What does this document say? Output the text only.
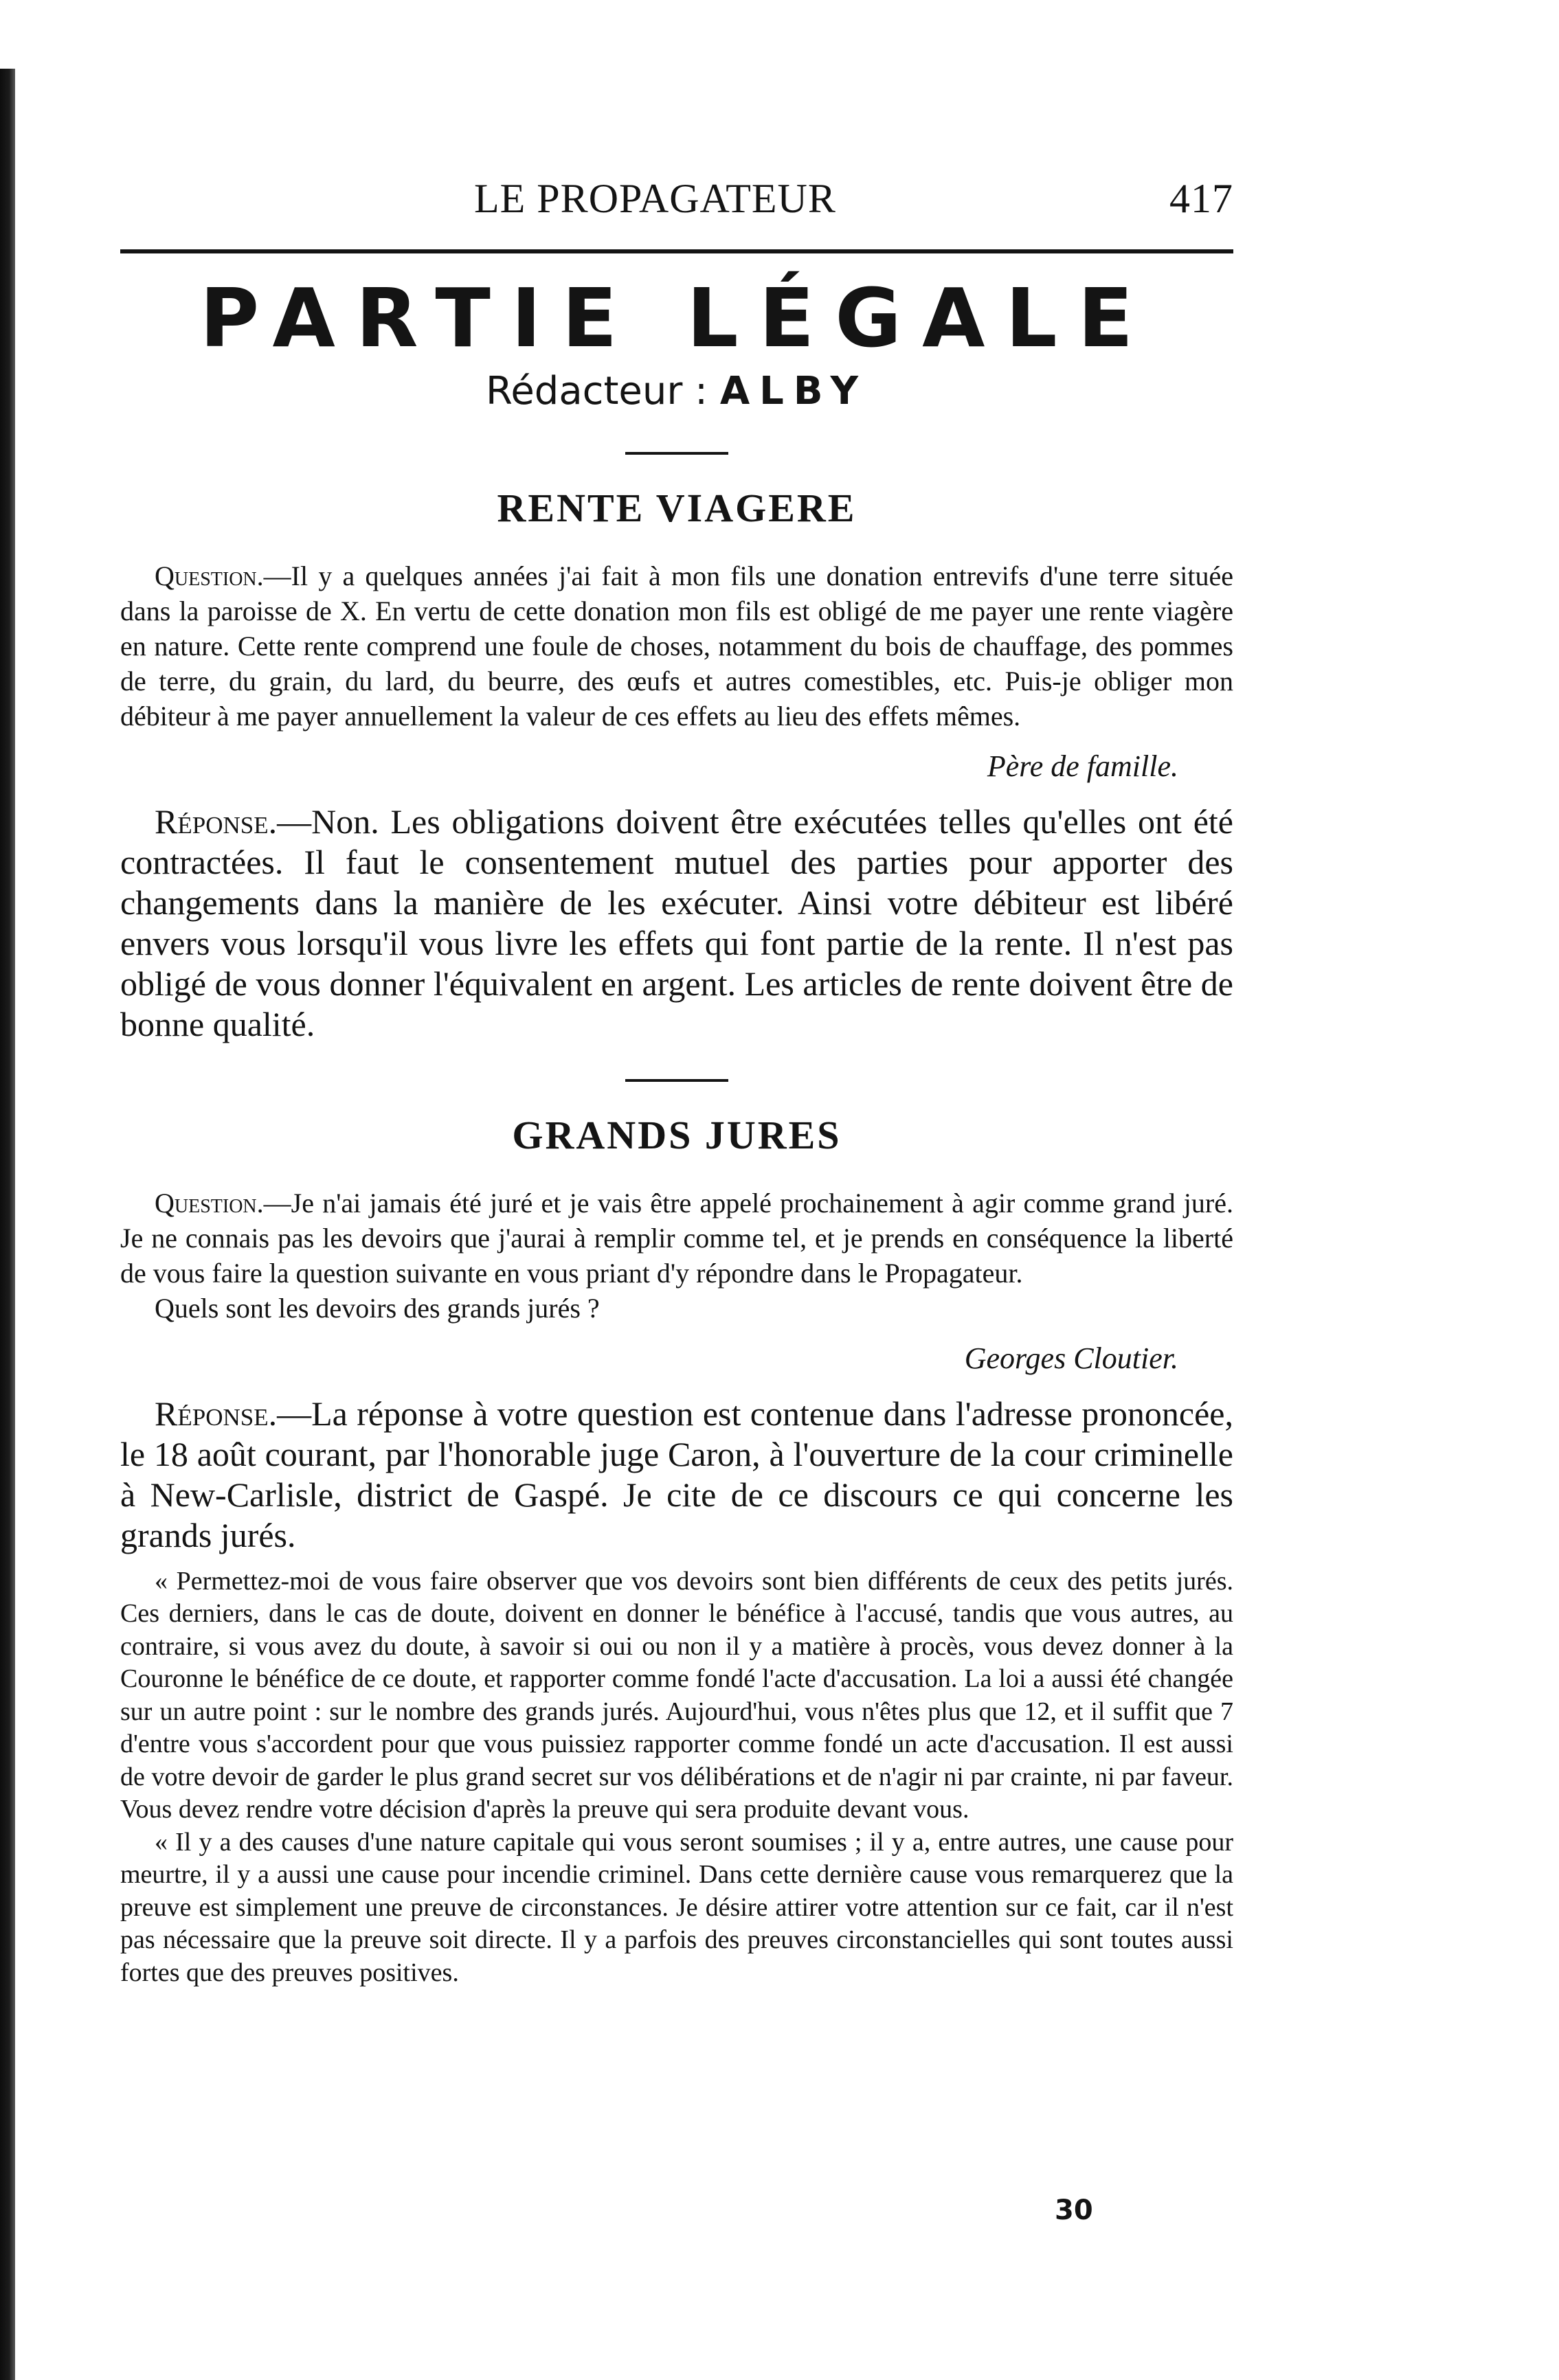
LE PROPAGATEUR	417
PARTIE LÉGALE
Rédacteur : ALBY
RENTE VIAGERE

Question.—Il y a quelques années j'ai fait à mon fils une donation entrevifs d'une terre située dans la paroisse de X. En vertu de cette donation mon fils est obligé de me payer une rente viagère en nature. Cette rente comprend une foule de choses, notamment du bois de chauffage, des pommes de terre, du grain, du lard, du beurre, des œufs et autres comestibles, etc. Puis-je obliger mon débiteur à me payer annuellement la valeur de ces effets au lieu des effets mêmes.

Père de famille.

Réponse.—Non. Les obligations doivent être exécutées telles qu'elles ont été contractées. Il faut le consentement mutuel des parties pour apporter des changements dans la manière de les exécuter. Ainsi votre débiteur est libéré envers vous lorsqu'il vous livre les effets qui font partie de la rente. Il n'est pas obligé de vous donner l'équivalent en argent. Les articles de rente doivent être de bonne qualité.

GRANDS JURES

Question.—Je n'ai jamais été juré et je vais être appelé prochainement à agir comme grand juré. Je ne connais pas les devoirs que j'aurai à remplir comme tel, et je prends en conséquence la liberté de vous faire la question suivante en vous priant d'y répondre dans le Propagateur.

Quels sont les devoirs des grands jurés ?

Georges Cloutier.

Réponse.—La réponse à votre question est contenue dans l'adresse prononcée, le 18 août courant, par l'honorable juge Caron, à l'ouverture de la cour criminelle à New-Carlisle, district de Gaspé. Je cite de ce discours ce qui concerne les grands jurés.

« Permettez-moi de vous faire observer que vos devoirs sont bien différents de ceux des petits jurés. Ces derniers, dans le cas de doute, doivent en donner le bénéfice à l'accusé, tandis que vous autres, au contraire, si vous avez du doute, à savoir si oui ou non il y a matière à procès, vous devez donner à la Couronne le bénéfice de ce doute, et rapporter comme fondé l'acte d'accusation. La loi a aussi été changée sur un autre point : sur le nombre des grands jurés. Aujourd'hui, vous n'êtes plus que 12, et il suffit que 7 d'entre vous s'accordent pour que vous puissiez rapporter comme fondé un acte d'accusation. Il est aussi de votre devoir de garder le plus grand secret sur vos délibérations et de n'agir ni par crainte, ni par faveur. Vous devez rendre votre décision d'après la preuve qui sera produite devant vous.

« Il y a des causes d'une nature capitale qui vous seront soumises ; il y a, entre autres, une cause pour meurtre, il y a aussi une cause pour incendie criminel. Dans cette dernière cause vous remarquerez que la preuve est simplement une preuve de circonstances. Je désire attirer votre attention sur ce fait, car il n'est pas nécessaire que la preuve soit directe. Il y a parfois des preuves circonstancielles qui sont toutes aussi fortes que des preuves positives.

30
